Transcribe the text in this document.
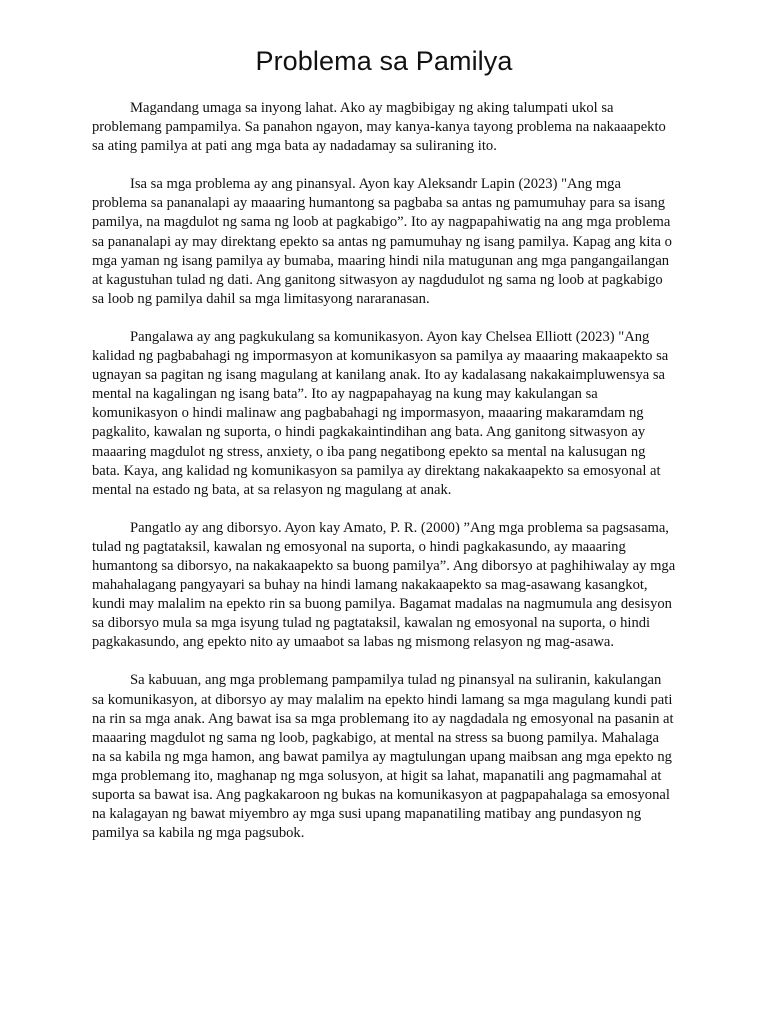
Problema sa Pamilya

Magandang umaga sa inyong lahat. Ako ay magbibigay ng aking talumpati ukol sa problemang pampamilya. Sa panahon ngayon, may kanya-kanya tayong problema na nakaaapekto sa ating pamilya at pati ang mga bata ay nadadamay sa suliraning ito.

Isa sa mga problema ay ang pinansyal. Ayon kay Aleksandr Lapin (2023) "Ang mga problema sa pananalapi ay maaaring humantong sa pagbaba sa antas ng pamumuhay para sa isang pamilya, na magdulot ng sama ng loob at pagkabigo”. Ito ay nagpapahiwatig na ang mga problema sa pananalapi ay may direktang epekto sa antas ng pamumuhay ng isang pamilya. Kapag ang kita o mga yaman ng isang pamilya ay bumaba, maaring hindi nila matugunan ang mga pangangailangan at kagustuhan tulad ng dati. Ang ganitong sitwasyon ay nagdudulot ng sama ng loob at pagkabigo sa loob ng pamilya dahil sa mga limitasyong nararanasan.

Pangalawa ay ang pagkukulang sa komunikasyon. Ayon kay Chelsea Elliott (2023) "Ang kalidad ng pagbabahagi ng impormasyon at komunikasyon sa pamilya ay maaaring makaapekto sa ugnayan sa pagitan ng isang magulang at kanilang anak. Ito ay kadalasang nakakaimpluwensya sa mental na kagalingan ng isang bata”. Ito ay nagpapahayag na kung may kakulangan sa komunikasyon o hindi malinaw ang pagbabahagi ng impormasyon, maaaring makaramdam ng pagkalito, kawalan ng suporta, o hindi pagkakaintindihan ang bata. Ang ganitong sitwasyon ay maaaring magdulot ng stress, anxiety, o iba pang negatibong epekto sa mental na kalusugan ng bata. Kaya, ang kalidad ng komunikasyon sa pamilya ay direktang nakakaapekto sa emosyonal at mental na estado ng bata, at sa relasyon ng magulang at anak.

Pangatlo ay ang diborsyo. Ayon kay Amato, P. R. (2000) ”Ang mga problema sa pagsasama, tulad ng pagtataksil, kawalan ng emosyonal na suporta, o hindi pagkakasundo, ay maaaring humantong sa diborsyo, na nakakaapekto sa buong pamilya”. Ang diborsyo at paghihiwalay ay mga mahahalagang pangyayari sa buhay na hindi lamang nakakaapekto sa mag-asawang kasangkot, kundi may malalim na epekto rin sa buong pamilya. Bagamat madalas na nagmumula ang desisyon sa diborsyo mula sa mga isyung tulad ng pagtataksil, kawalan ng emosyonal na suporta, o hindi pagkakasundo, ang epekto nito ay umaabot sa labas ng mismong relasyon ng mag-asawa.

Sa kabuuan, ang mga problemang pampamilya tulad ng pinansyal na suliranin, kakulangan sa komunikasyon, at diborsyo ay may malalim na epekto hindi lamang sa mga magulang kundi pati na rin sa mga anak. Ang bawat isa sa mga problemang ito ay nagdadala ng emosyonal na pasanin at maaaring magdulot ng sama ng loob, pagkabigo, at mental na stress sa buong pamilya. Mahalaga na sa kabila ng mga hamon, ang bawat pamilya ay magtulungan upang maibsan ang mga epekto ng mga problemang ito, maghanap ng mga solusyon, at higit sa lahat, mapanatili ang pagmamahal at suporta sa bawat isa. Ang pagkakaroon ng bukas na komunikasyon at pagpapahalaga sa emosyonal na kalagayan ng bawat miyembro ay mga susi upang mapanatiling matibay ang pundasyon ng pamilya sa kabila ng mga pagsubok.
